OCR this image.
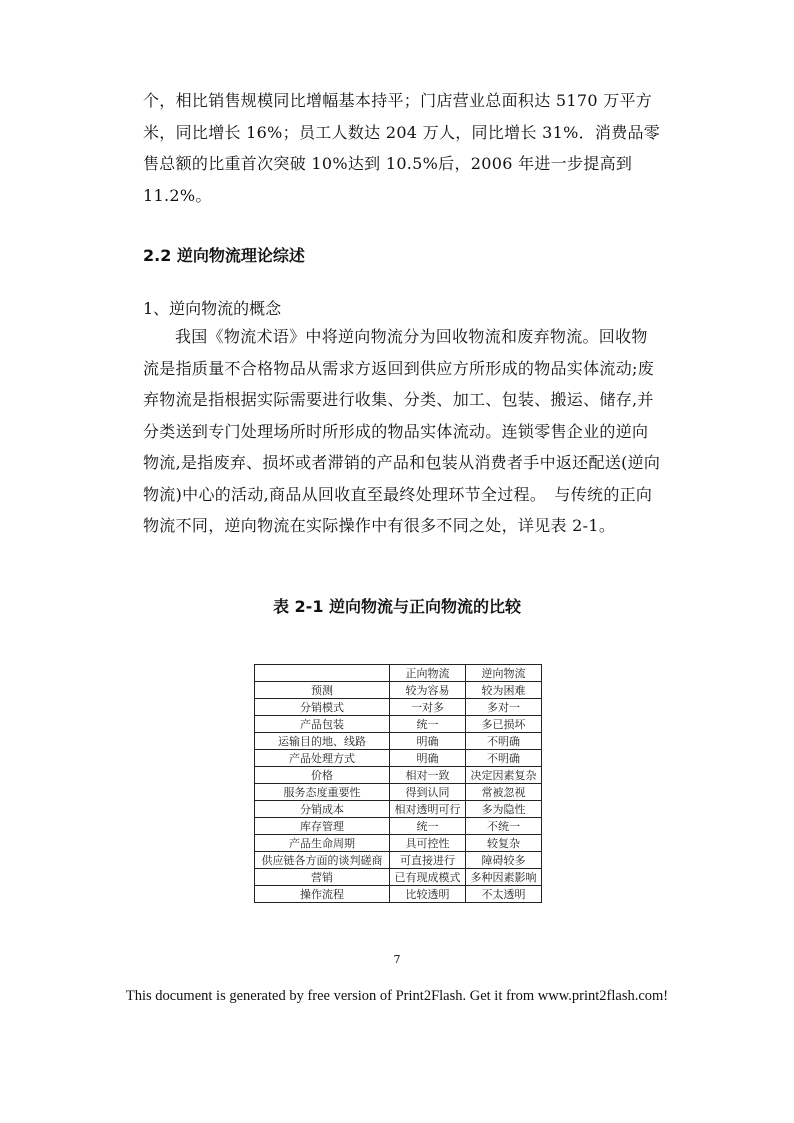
个，相比销售规模同比增幅基本持平；门店营业总面积达 5170 万平方米，同比增长 16%；员工人数达 204 万人，同比增长 31%．消费品零售总额的比重首次突破 10%达到 10.5%后，2006 年进一步提高到 11.2%。
2.2 逆向物流理论综述
1、逆向物流的概念
我国《物流术语》中将逆向物流分为回收物流和废弃物流。回收物流是指质量不合格物品从需求方返回到供应方所形成的物品实体流动;废弃物流是指根据实际需要进行收集、分类、加工、包装、搬运、储存,并分类送到专门处理场所时所形成的物品实体流动。连锁零售企业的逆向物流,是指废弃、损坏或者滞销的产品和包装从消费者手中返还配送(逆向物流)中心的活动,商品从回收直至最终处理环节全过程。　与传统的正向物流不同，逆向物流在实际操作中有很多不同之处，详见表 2-1。
表 2-1 逆向物流与正向物流的比较
	正向物流	逆向物流
预测	较为容易	较为困难
分销模式	一对多	多对一
产品包装	统一	多已损坏
运输目的地、线路	明确	不明确
产品处理方式	明确	不明确
价格	相对一致	决定因素复杂
服务态度重要性	得到认同	常被忽视
分销成本	相对透明可行	多为隐性
库存管理	统一	不统一
产品生命周期	具可控性	较复杂
供应链各方面的谈判磋商	可直接进行	障碍较多
营销	已有现成模式	多种因素影响
操作流程	比较透明	不太透明
7
This document is generated by free version of Print2Flash. Get it from www.print2flash.com!
